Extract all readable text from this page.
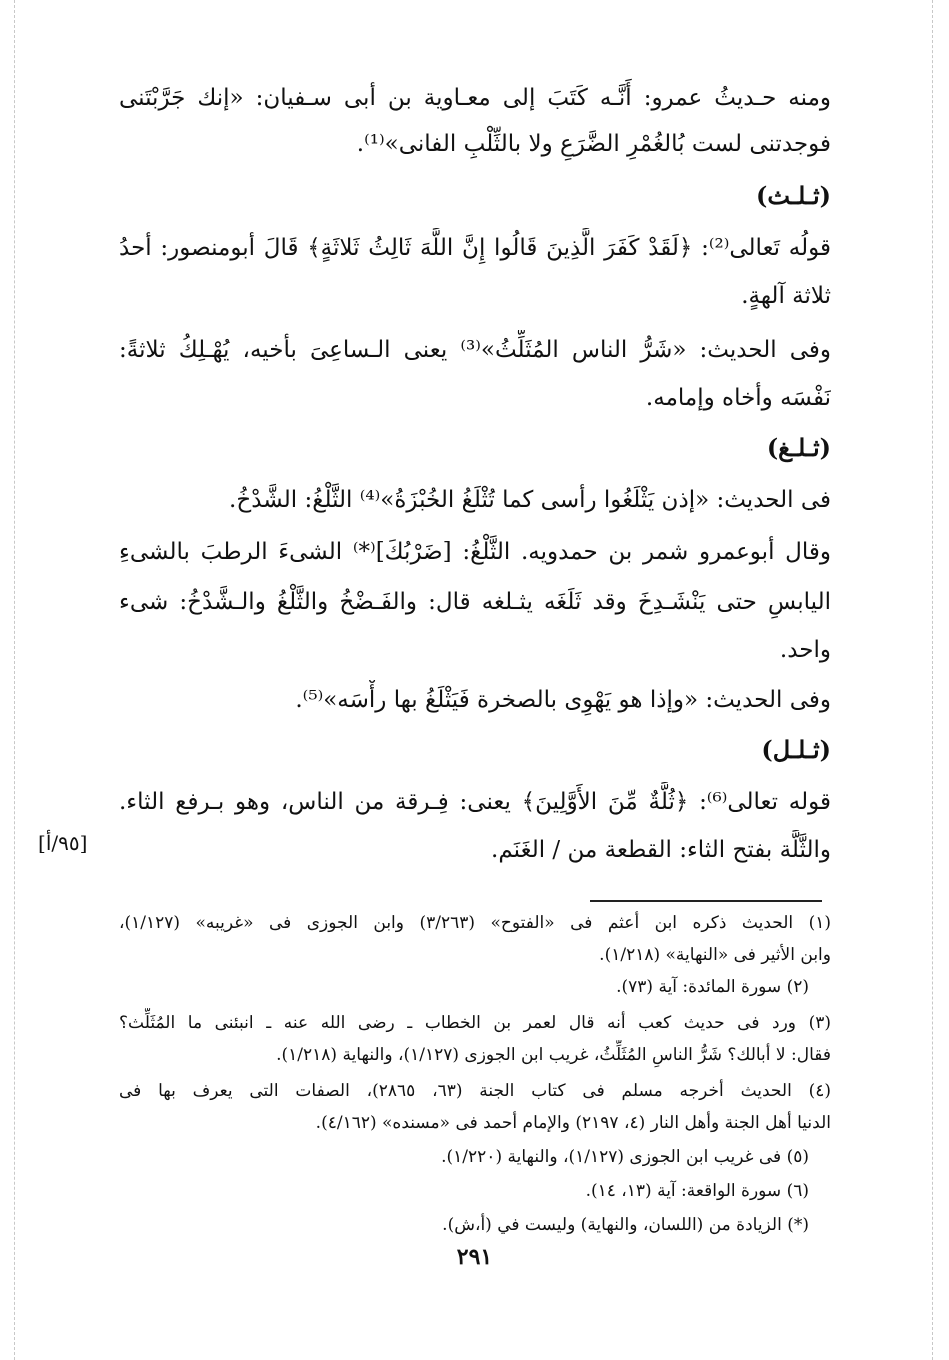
ومنه حـديثُ عمرو: أَنَّـه كَتَبَ إلى معـاوية بن أبى سـفيان: «إنك جَرَّبْتَنى
فوجدتنى لست بُالغُمْرِ الضَّرَعِ ولا بالثِّلْبِ الفانى»⁽¹⁾.
(ثـلـث)
قولُه تَعالى⁽²⁾: ﴿لَقَدْ كَفَرَ الَّذِينَ قَالُوا إِنَّ اللَّهَ ثَالِثُ ثَلاثَةٍ﴾ قَالَ أبومنصور: أحدُ
ثلاثة آلهةٍ.
وفى الحديث: «شَرُّ الناس المُثَلِّثُ»⁽³⁾ يعنى الـساعِىَ بأخيه، يُهْـلِكُ ثلاثةً:
نَفْسَه وأخاه وإمامه.
(ثـلـغ)
فى الحديث: «إذن يَثْلَغُوا رأسى كما تُثْلَغُ الخُبْزَةُ»⁽⁴⁾ الثَّلْغُ: الشَّدْخُ.
وقال أبوعمرو شمر بن حمدويه. الثَّلْغُ: [ضَرْبُكَ]⁽*⁾ الشىءَ الرطبَ بالشىءِ
اليابسِ حتى يَنْشَـدِخَ وقد ثَلَغَه يثـلغه قال: والفَـضْخُ والثَّلْغُ والـشَّدْخُ: شىء
واحد.
وفى الحديث: «وإذا هو يَهْوِى بالصخرة فَيَثْلَغُ بها رأْسَه»⁽⁵⁾.
(ثـلـل)
قوله تعالى⁽⁶⁾: ﴿ثُلَّةٌ مِّنَ الأَوَّلِينَ﴾ يعنى: فِـرقة من الناس، وهو بـرفع الثاء.
والثَّلَّة بفتح الثاء: القطعة من / الغَنَم.
[٩٥/أ]
(١) الحديث ذكره ابن أعثم فى «الفتوح» (٣/٢٦٣) وابن الجوزى فى «غريبه» (١/١٢٧)،
وابن الأثير فى «النهاية» (١/٢١٨).
(٢) سورة المائدة: آية (٧٣).
(٣) ورد فى حديث كعب أنه قال لعمر بن الخطاب ـ رضى الله عنه ـ انبئنى ما المُثَلِّث؟
فقال: لا أبالك؟ شَرُّ الناسِ المُثَلِّثُ، غريب ابن الجوزى (١/١٢٧)، والنهاية (١/٢١٨).
(٤) الحديث أخرجه مسلم فى كتاب الجنة (٦٣، ٢٨٦٥)، الصفات التى يعرف بها فى
الدنيا أهل الجنة وأهل النار (٤، ٢١٩٧) والإمام أحمد فى «مسنده» (٤/١٦٢).
(٥) فى غريب ابن الجوزى (١/١٢٧)، والنهاية (١/٢٢٠).
(٦) سورة الواقعة: آية (١٣، ١٤).
(*) الزيادة من (اللسان، والنهاية) وليست في (أ،ش).
٢٩١
